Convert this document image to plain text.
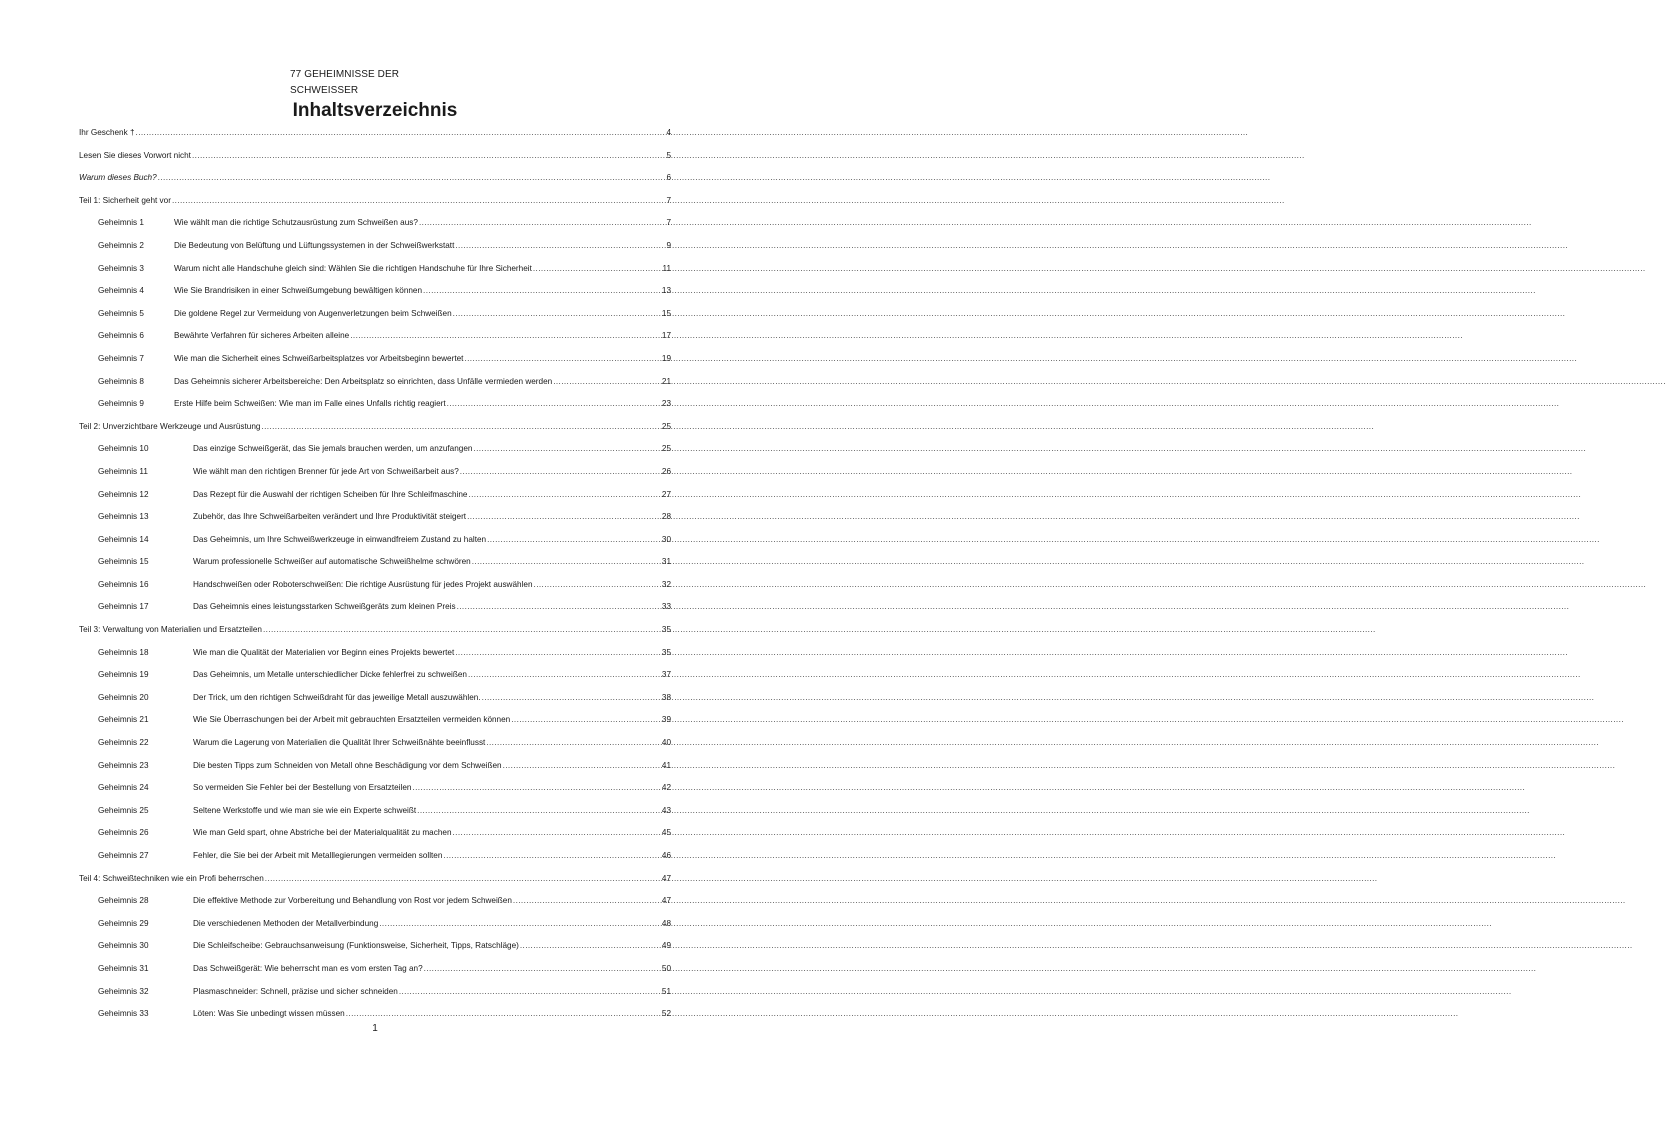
77 GEHEIMNISSE DER
SCHWEISSER
Inhaltsverzeichnis
Ihr Geschenk † .....	4
Lesen Sie dieses Vorwort nicht .....	5
Warum dieses Buch? .....	6
Teil 1: Sicherheit geht vor .....	7
Geheimnis 1	Wie wählt man die richtige Schutzausrüstung zum Schweißen aus? .....	7
Geheimnis 2	Die Bedeutung von Belüftung und Lüftungssystemen in der Schweißwerkstatt .....	9
Geheimnis 3	Warum nicht alle Handschuhe gleich sind: Wählen Sie die richtigen Handschuhe für Ihre Sicherheit .....	11
Geheimnis 4	Wie Sie Brandrisiken in einer Schweißumgebung bewältigen können .....	13
Geheimnis 5	Die goldene Regel zur Vermeidung von Augenverletzungen beim Schweißen .....	15
Geheimnis 6	Bewährte Verfahren für sicheres Arbeiten alleine .....	17
Geheimnis 7	Wie man die Sicherheit eines Schweißarbeitsplatzes vor Arbeitsbeginn bewertet .....	19
Geheimnis 8	Das Geheimnis sicherer Arbeitsbereiche: Den Arbeitsplatz so einrichten, dass Unfälle vermieden werden .....	21
Geheimnis 9	Erste Hilfe beim Schweißen: Wie man im Falle eines Unfalls richtig reagiert .....	23
Teil 2: Unverzichtbare Werkzeuge und Ausrüstung .....	25
Geheimnis 10	Das einzige Schweißgerät, das Sie jemals brauchen werden, um anzufangen .....	25
Geheimnis 11	Wie wählt man den richtigen Brenner für jede Art von Schweißarbeit aus? .....	26
Geheimnis 12	Das Rezept für die Auswahl der richtigen Scheiben für Ihre Schleifmaschine .....	27
Geheimnis 13	Zubehör, das Ihre Schweißarbeiten verändert und Ihre Produktivität steigert .....	28
Geheimnis 14	Das Geheimnis, um Ihre Schweißwerkzeuge in einwandfreiem Zustand zu halten .....	30
Geheimnis 15	Warum professionelle Schweißer auf automatische Schweißhelme schwören .....	31
Geheimnis 16	Handschweißen oder Roboterschweißen: Die richtige Ausrüstung für jedes Projekt auswählen .....	32
Geheimnis 17	Das Geheimnis eines leistungsstarken Schweißgeräts zum kleinen Preis .....	33
Teil 3: Verwaltung von Materialien und Ersatzteilen .....	35
Geheimnis 18	Wie man die Qualität der Materialien vor Beginn eines Projekts bewertet .....	35
Geheimnis 19	Das Geheimnis, um Metalle unterschiedlicher Dicke fehlerfrei zu schweißen .....	37
Geheimnis 20	Der Trick, um den richtigen Schweißdraht für das jeweilige Metall auszuwählen. .....	38
Geheimnis 21	Wie Sie Überraschungen bei der Arbeit mit gebrauchten Ersatzteilen vermeiden können .....	39
Geheimnis 22	Warum die Lagerung von Materialien die Qualität Ihrer Schweißnähte beeinflusst .....	40
Geheimnis 23	Die besten Tipps zum Schneiden von Metall ohne Beschädigung vor dem Schweißen .....	41
Geheimnis 24	So vermeiden Sie Fehler bei der Bestellung von Ersatzteilen .....	42
Geheimnis 25	Seltene Werkstoffe und wie man sie wie ein Experte schweißt .....	43
Geheimnis 26	Wie man Geld spart, ohne Abstriche bei der Materialqualität zu machen .....	45
Geheimnis 27	Fehler, die Sie bei der Arbeit mit Metalllegierungen vermeiden sollten .....	46
Teil 4: Schweißtechniken wie ein Profi beherrschen .....	47
Geheimnis 28	Die effektive Methode zur Vorbereitung und Behandlung von Rost vor jedem Schweißen .....	47
Geheimnis 29	Die verschiedenen Methoden der Metallverbindung .....	48
Geheimnis 30	Die Schleifscheibe: Gebrauchsanweisung (Funktionsweise, Sicherheit, Tipps, Ratschläge) .....	49
Geheimnis 31	Das Schweißgerät: Wie beherrscht man es vom ersten Tag an? .....	50
Geheimnis 32	Plasmaschneider: Schnell, präzise und sicher schneiden .....	51
Geheimnis 33	Löten: Was Sie unbedingt wissen müssen .....	52
1
